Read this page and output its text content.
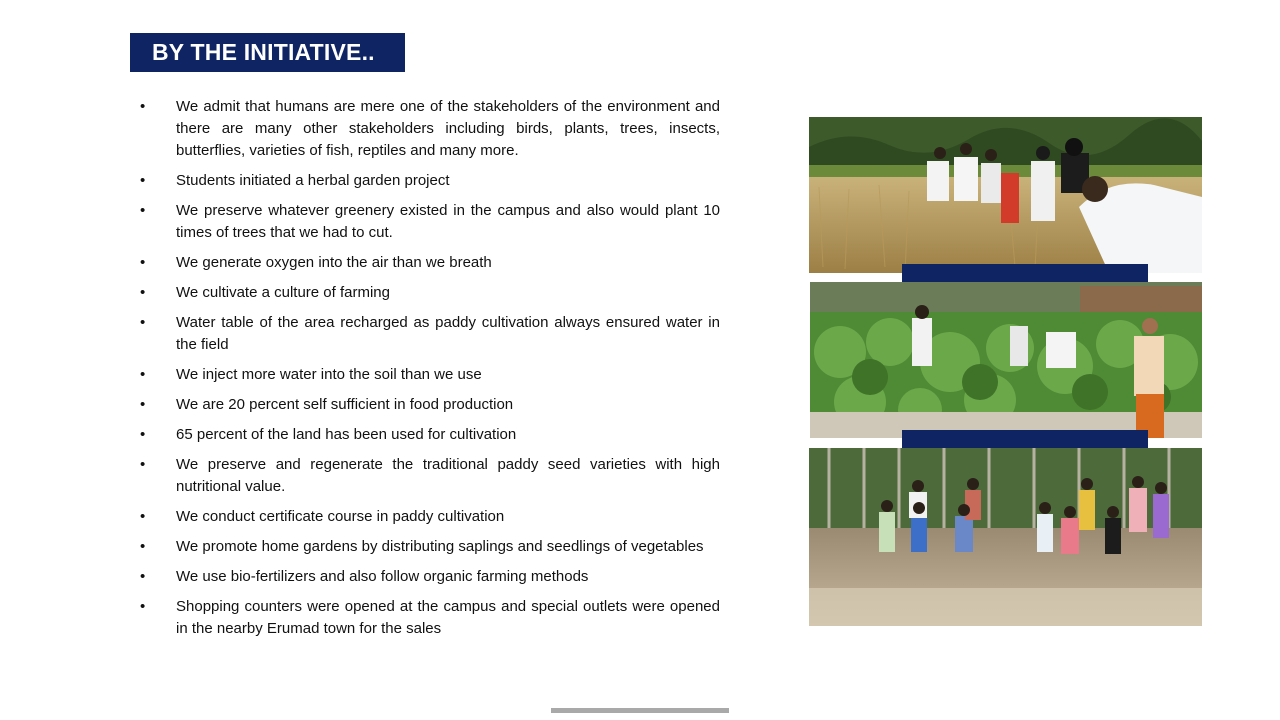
BY THE INITIATIVE..
• We admit that humans are mere one of the stakeholders of the environment and there are many other stakeholders including birds, plants, trees, insects, butterflies, varieties of fish, reptiles and many more.
• Students initiated a herbal garden project
• We preserve whatever greenery existed in the campus and also would plant 10 times of trees that we had to cut.
• We generate oxygen into the air than we breath
• We cultivate a culture of farming
• Water table of the area recharged as paddy cultivation always ensured water in the field
• We inject more water into the soil than we use
• We are 20 percent self sufficient in food production
• 65 percent of the land has been used for cultivation
• We preserve and regenerate the traditional paddy seed varieties with high nutritional value.
• We conduct certificate course in paddy cultivation
• We promote home gardens by distributing saplings and seedlings of vegetables
• We use bio-fertilizers and also follow organic farming methods
• Shopping counters were opened at the campus and special outlets were opened in the nearby Erumad town for the sales
